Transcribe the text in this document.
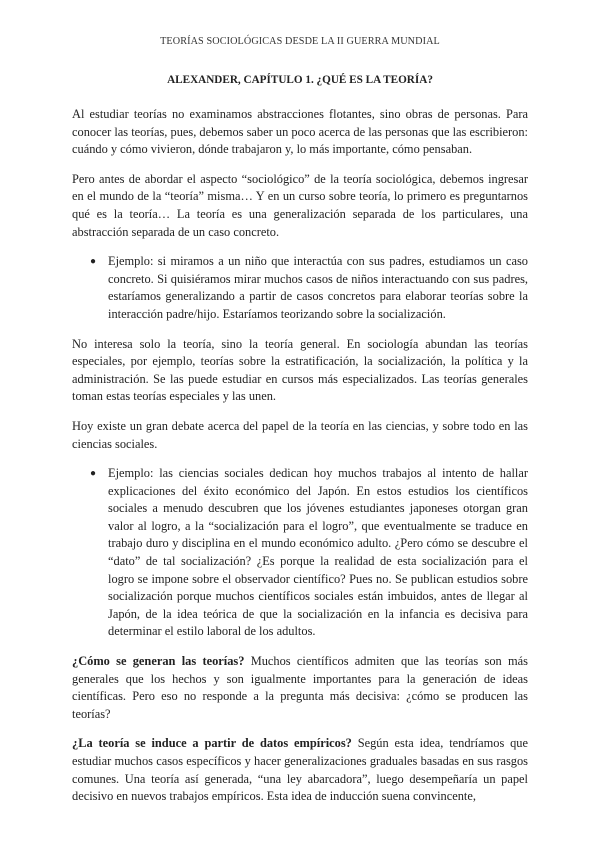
TEORÍAS SOCIOLÓGICAS DESDE LA II GUERRA MUNDIAL
ALEXANDER, CAPÍTULO 1. ¿QUÉ ES LA TEORÍA?

Al estudiar teorías no examinamos abstracciones flotantes, sino obras de personas. Para conocer las teorías, pues, debemos saber un poco acerca de las personas que las escribieron: cuándo y cómo vivieron, dónde trabajaron y, lo más importante, cómo pensaban.

Pero antes de abordar el aspecto “sociológico” de la teoría sociológica, debemos ingresar en el mundo de la “teoría” misma… Y en un curso sobre teoría, lo primero es preguntarnos qué es la teoría… La teoría es una generalización separada de los particulares, una abstracción separada de un caso concreto.

● Ejemplo: si miramos a un niño que interactúa con sus padres, estudiamos un caso concreto. Si quisiéramos mirar muchos casos de niños interactuando con sus padres, estaríamos generalizando a partir de casos concretos para elaborar teorías sobre la interacción padre/hijo. Estaríamos teorizando sobre la socialización.

No interesa solo la teoría, sino la teoría general. En sociología abundan las teorías especiales, por ejemplo, teorías sobre la estratificación, la socialización, la política y la administración. Se las puede estudiar en cursos más especializados. Las teorías generales toman estas teorías especiales y las unen.

Hoy existe un gran debate acerca del papel de la teoría en las ciencias, y sobre todo en las ciencias sociales.

● Ejemplo: las ciencias sociales dedican hoy muchos trabajos al intento de hallar explicaciones del éxito económico del Japón. En estos estudios los científicos sociales a menudo descubren que los jóvenes estudiantes japoneses otorgan gran valor al logro, a la “socialización para el logro”, que eventualmente se traduce en trabajo duro y disciplina en el mundo económico adulto. ¿Pero cómo se descubre el “dato” de tal socialización? ¿Es porque la realidad de esta socialización para el logro se impone sobre el observador científico? Pues no. Se publican estudios sobre socialización porque muchos científicos sociales están imbuidos, antes de llegar al Japón, de la idea teórica de que la socialización en la infancia es decisiva para determinar el estilo laboral de los adultos.

¿Cómo se generan las teorías? Muchos científicos admiten que las teorías son más generales que los hechos y son igualmente importantes para la generación de ideas científicas. Pero eso no responde a la pregunta más decisiva: ¿cómo se producen las teorías?

¿La teoría se induce a partir de datos empíricos? Según esta idea, tendríamos que estudiar muchos casos específicos y hacer generalizaciones graduales basadas en sus rasgos comunes. Una teoría así generada, “una ley abarcadora”, luego desempeñaría un papel decisivo en nuevos trabajos empíricos. Esta idea de inducción suena convincente,
